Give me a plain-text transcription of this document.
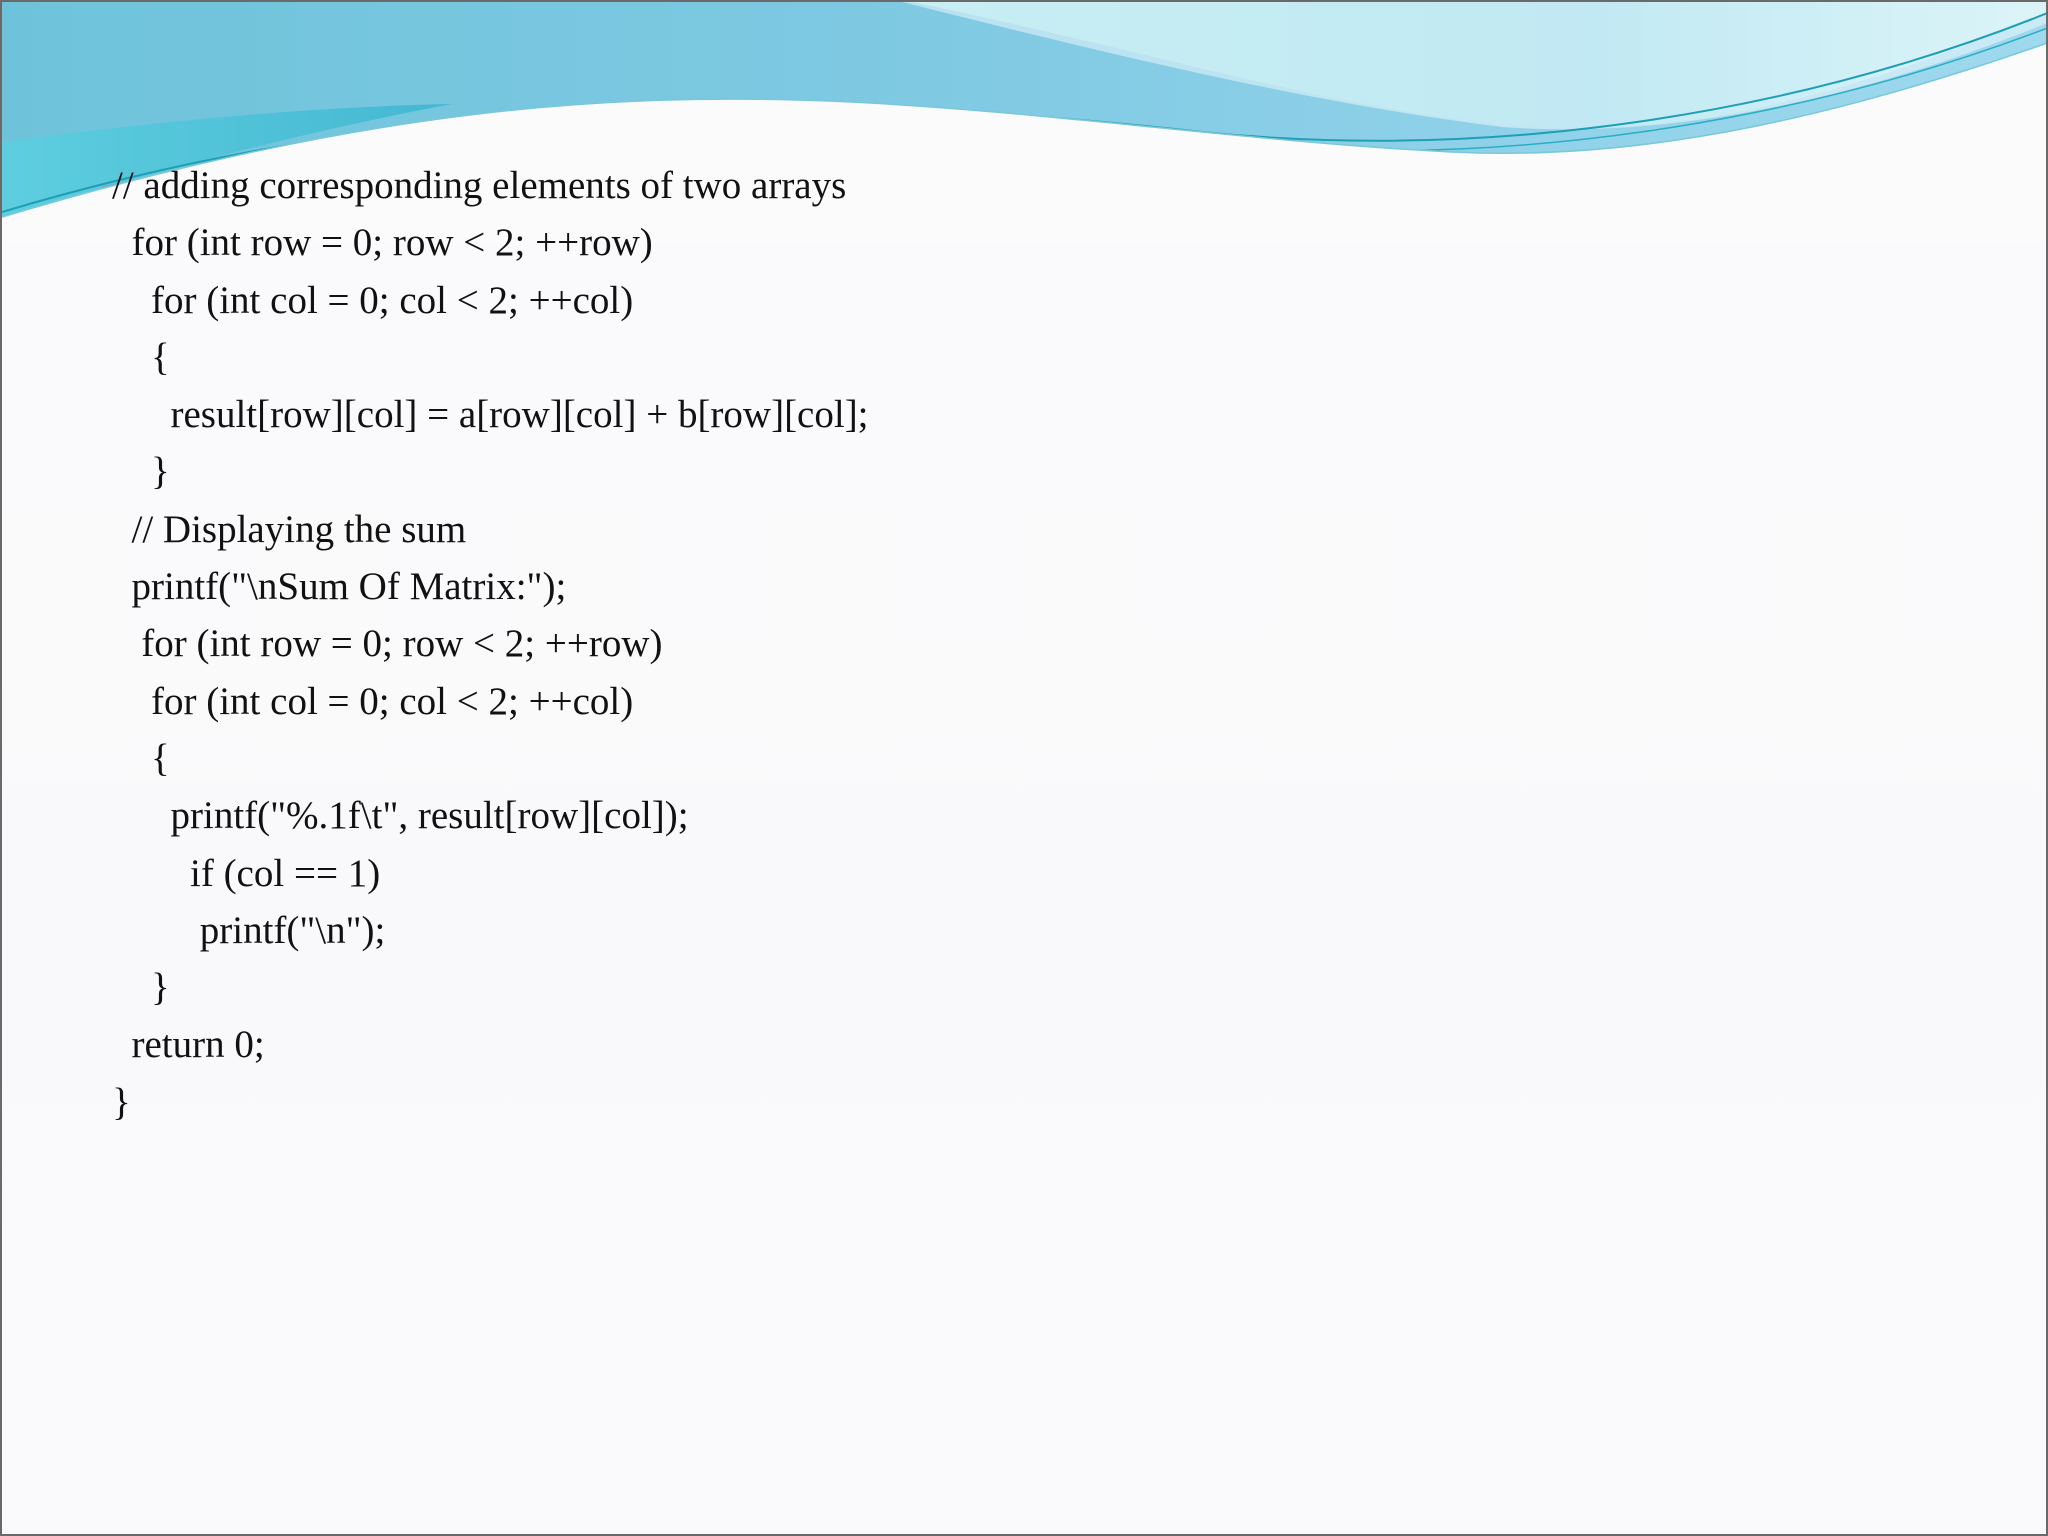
// adding corresponding elements of two arrays
for (int row = 0; row < 2; ++row)
for (int col = 0; col < 2; ++col)
{
result[row][col] = a[row][col] + b[row][col];
}
// Displaying the sum
printf("\nSum Of Matrix:");
for (int row = 0; row < 2; ++row)
for (int col = 0; col < 2; ++col)
{
printf("%.1f\t", result[row][col]);
if (col == 1)
printf("\n");
}
return 0;
}
